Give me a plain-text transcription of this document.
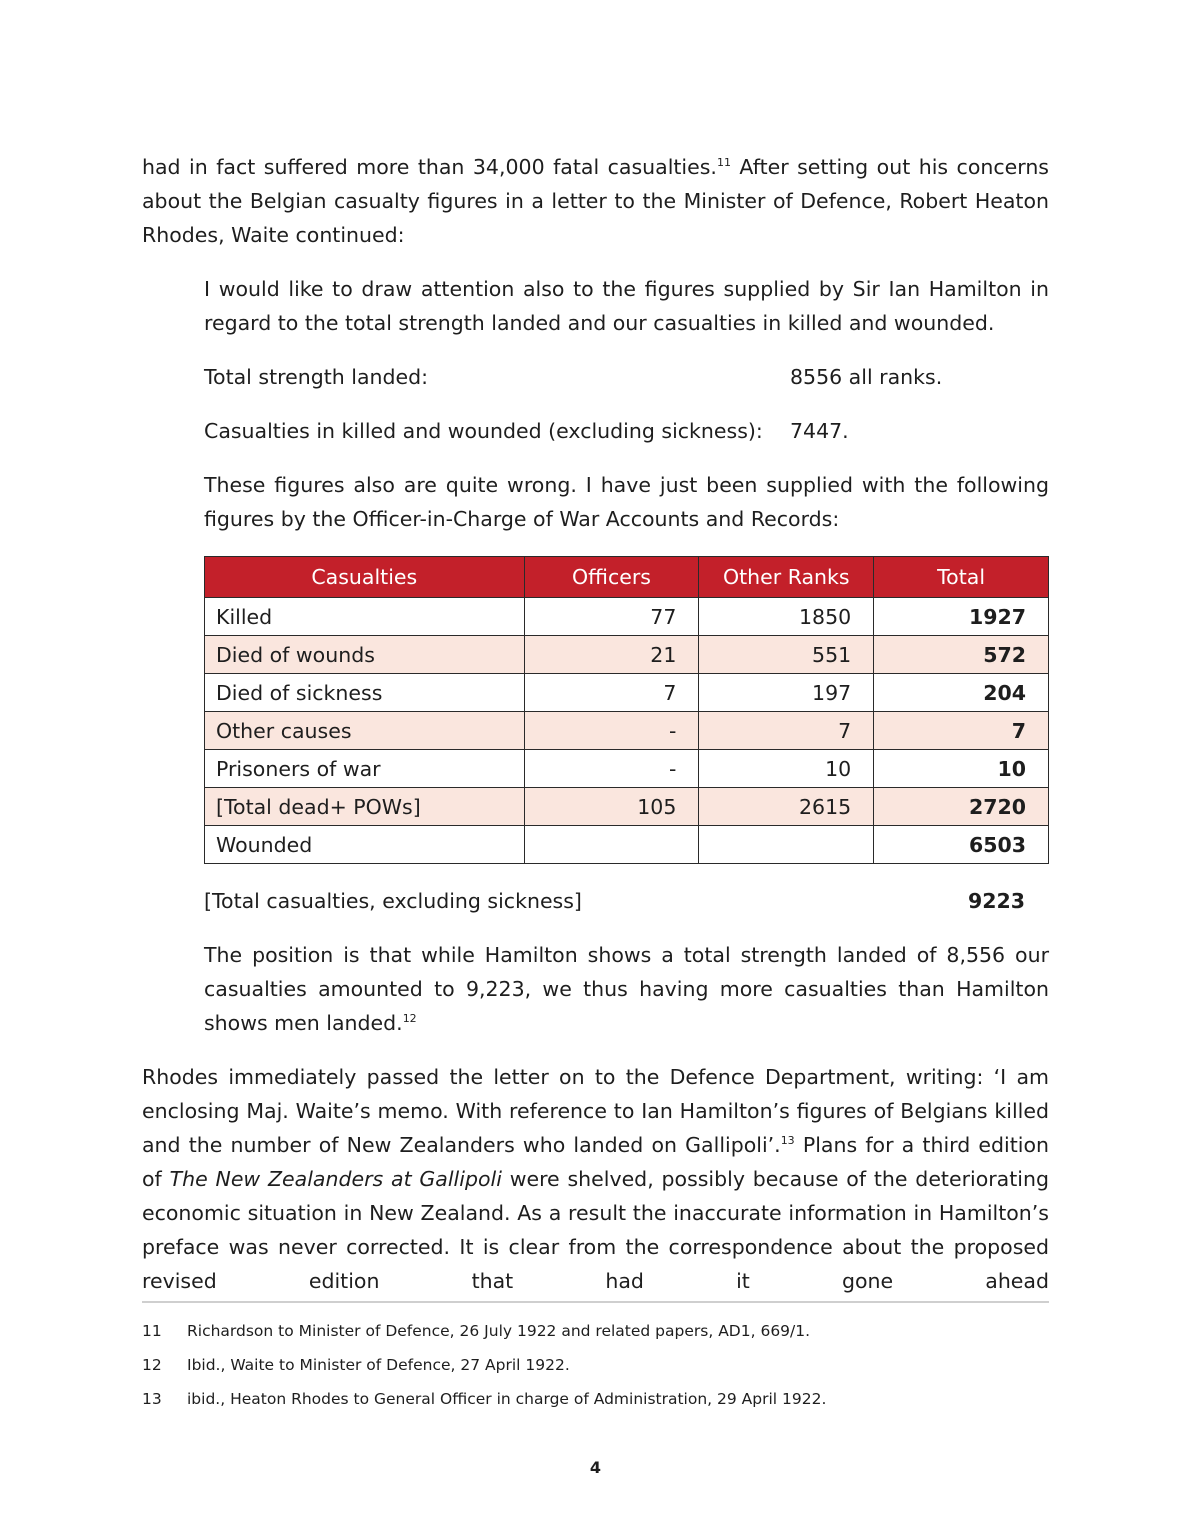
had in fact suffered more than 34,000 fatal casualties.$^{11}$ After setting out his concerns about the Belgian casualty figures in a letter to the Minister of Defence, Robert Heaton Rhodes, Waite continued:

I would like to draw attention also to the figures supplied by Sir Ian Hamilton in regard to the total strength landed and our casualties in killed and wounded.

Total strength landed:	8556 all ranks.
Casualties in killed and wounded (excluding sickness): 7447.

These figures also are quite wrong. I have just been supplied with the following figures by the Officer-in-Charge of War Accounts and Records:

Casualties	Officers	Other Ranks	Total
Killed	77	1850	1927
Died of wounds	21	551	572
Died of sickness	7	197	204
Other causes	-	7	7
Prisoners of war	-	10	10
[Total dead+ POWs]	105	2615	2720
Wounded			6503
[Total casualties, excluding sickness]	9223

The position is that while Hamilton shows a total strength landed of 8,556 our casualties amounted to 9,223, we thus having more casualties than Hamilton shows men landed.$^{12}$

Rhodes immediately passed the letter on to the Defence Department, writing: ‘I am enclosing Maj. Waite’s memo. With reference to Ian Hamilton’s figures of Belgians killed and the number of New Zealanders who landed on Gallipoli’.$^{13}$ Plans for a third edition of The New Zealanders at Gallipoli were shelved, possibly because of the deteriorating economic situation in New Zealand. As a result the inaccurate information in Hamilton’s preface was never corrected. It is clear from the correspondence about the proposed revised edition that had it gone ahead

11 Richardson to Minister of Defence, 26 July 1922 and related papers, AD1, 669/1.
12 Ibid., Waite to Minister of Defence, 27 April 1922.
13 ibid., Heaton Rhodes to General Officer in charge of Administration, 29 April 1922.
4
